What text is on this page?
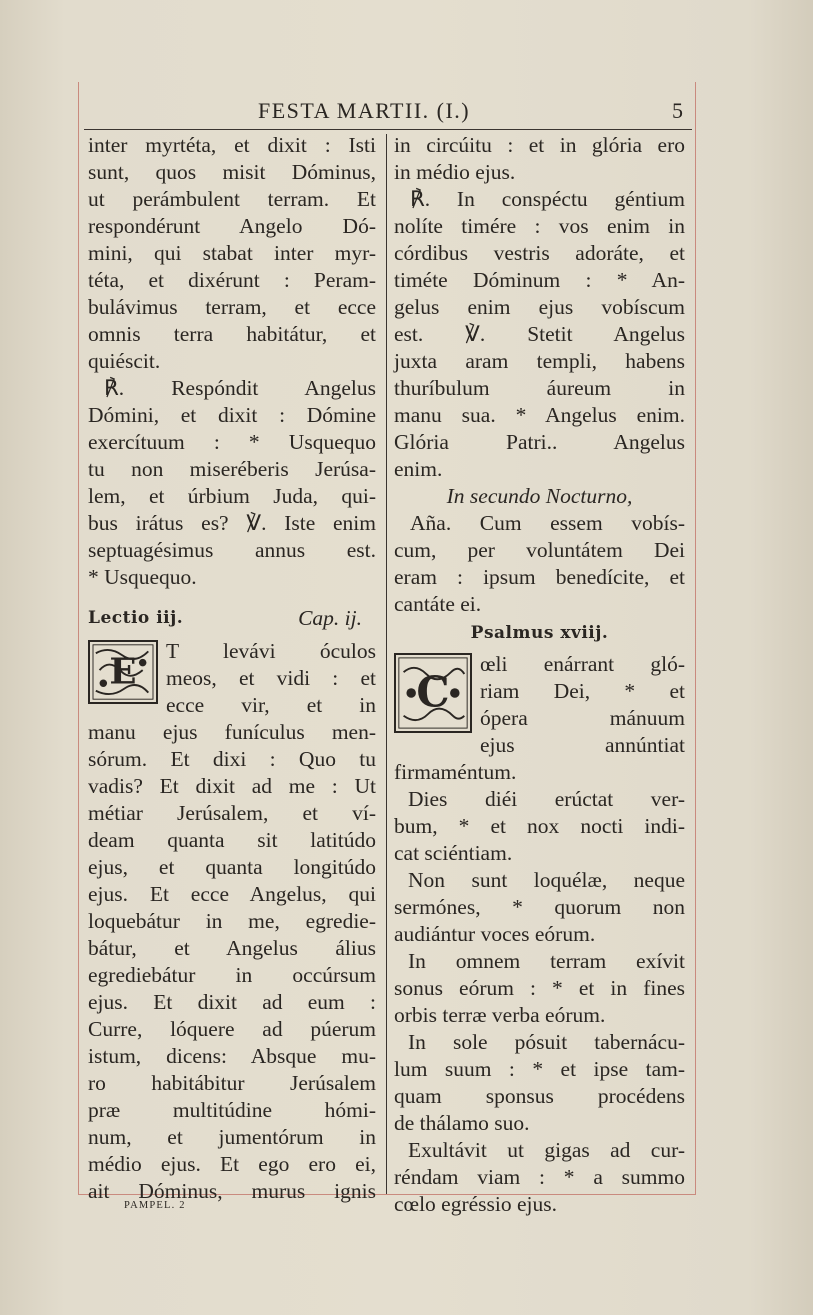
FESTA MARTII. (I.)	5
inter myrtéta, et dixit : Isti
sunt, quos misit Dóminus,
ut perámbulent terram. Et
respondérunt Angelo Dó-
mini, qui stabat inter myr-
téta, et dixérunt : Peram-
bulávimus terram, et ecce
omnis terra habitátur, et
quiéscit.
℟. Respóndit Angelus
Dómini, et dixit : Dómine
exercítuum : * Usquequo
tu non miseréberis Jerúsa-
lem, et úrbium Juda, qui-
bus irátus es? ℣. Iste enim
septuagésimus annus est.
* Usquequo.
Lectio iij.	Cap. ij.
E
T levávi óculos
meos, et vidi : et
ecce vir, et in
manu ejus funículus men-
sórum. Et dixi : Quo tu
vadis? Et dixit ad me : Ut
métiar Jerúsalem, et ví-
deam quanta sit latitúdo
ejus, et quanta longitúdo
ejus. Et ecce Angelus, qui
loquebátur in me, egredie-
bátur, et Angelus álius
egrediebátur in occúrsum
ejus. Et dixit ad eum :
Curre, lóquere ad púerum
istum, dicens: Absque mu-
ro habitábitur Jerúsalem
præ multitúdine hómi-
num, et jumentórum in
médio ejus. Et ego ero ei,
ait Dóminus, murus ignis
in circúitu : et in glória ero
in médio ejus.
℟. In conspéctu géntium
nolíte timére : vos enim in
córdibus vestris adoráte, et
timéte Dóminum : * An-
gelus enim ejus vobíscum
est. ℣. Stetit Angelus
juxta aram templi, habens
thuríbulum áureum in
manu sua. * Angelus enim.
Glória Patri.. Angelus
enim.
In secundo Nocturno,
Aña. Cum essem vobís-
cum, per voluntátem Dei
eram : ipsum benedícite, et
cantáte ei.
Psalmus xviij.
C
œli enárrant gló-
riam Dei, * et
ópera mánuum
ejus annúntiat
firmaméntum.
Dies diéi erúctat ver-
bum, * et nox nocti indi-
cat sciéntiam.
Non sunt loquélæ, neque
sermónes, * quorum non
audiántur voces eórum.
In omnem terram exívit
sonus eórum : * et in fines
orbis terræ verba eórum.
In sole pósuit tabernácu-
lum suum : * et ipse tam-
quam sponsus procédens
de thálamo suo.
Exultávit ut gigas ad cur-
réndam viam : * a summo
cœlo egréssio ejus.
PAMPEL. 2
